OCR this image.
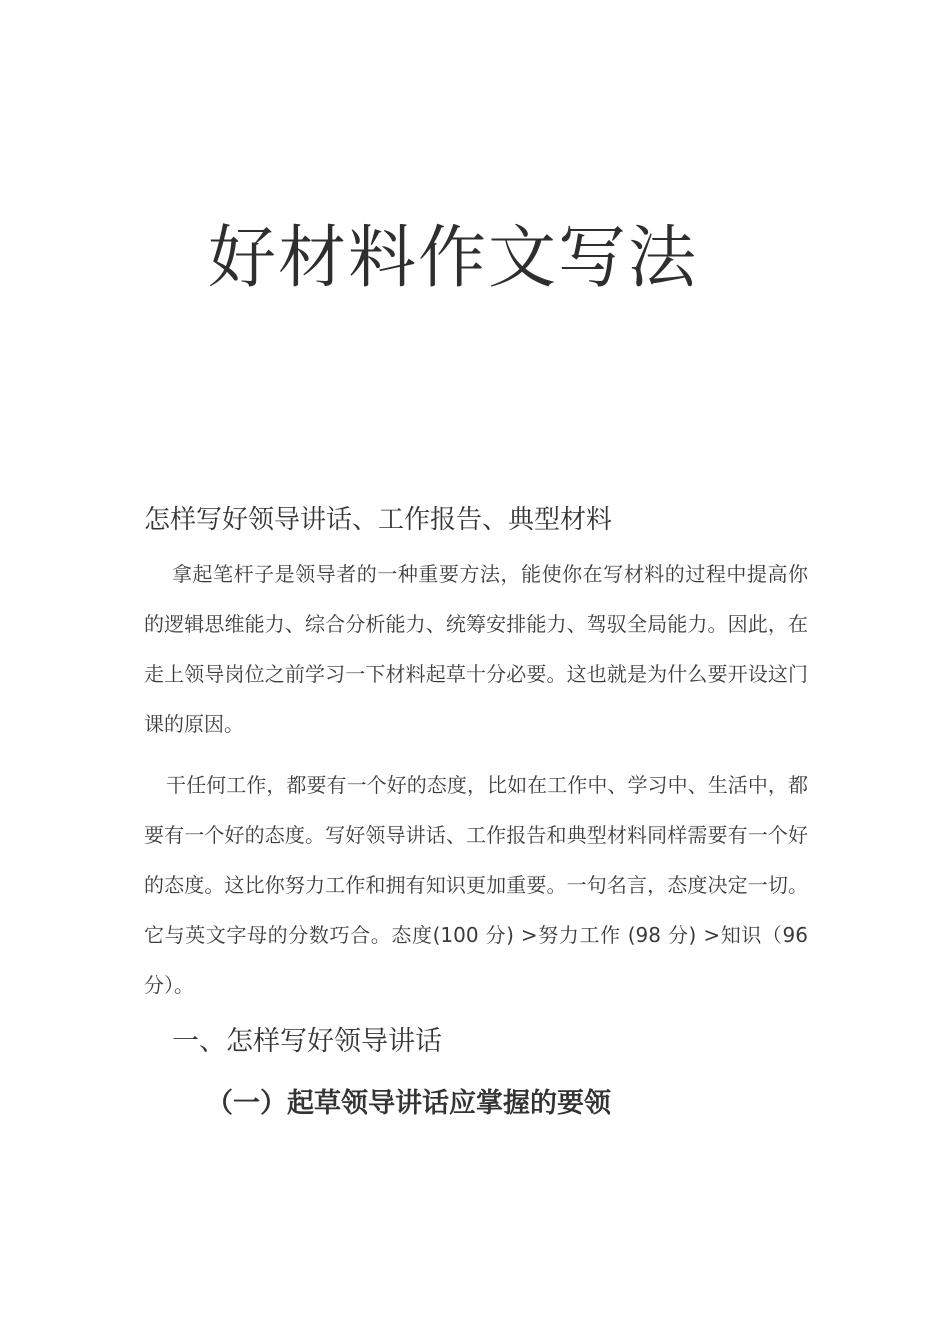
好材料作文写法
怎样写好领导讲话、工作报告、典型材料

拿起笔杆子是领导者的一种重要方法，能使你在写材料的过程中提高你的逻辑思维能力、综合分析能力、统筹安排能力、驾驭全局能力。因此，在走上领导岗位之前学习一下材料起草十分必要。这也就是为什么要开设这门课的原因。

干任何工作，都要有一个好的态度，比如在工作中、学习中、生活中，都要有一个好的态度。写好领导讲话、工作报告和典型材料同样需要有一个好的态度。这比你努力工作和拥有知识更加重要。一句名言，态度决定一切。它与英文字母的分数巧合。态度(100 分) >努力工作 (98 分) >知识（96 分）。

一、怎样写好领导讲话
（一）起草领导讲话应掌握的要领
